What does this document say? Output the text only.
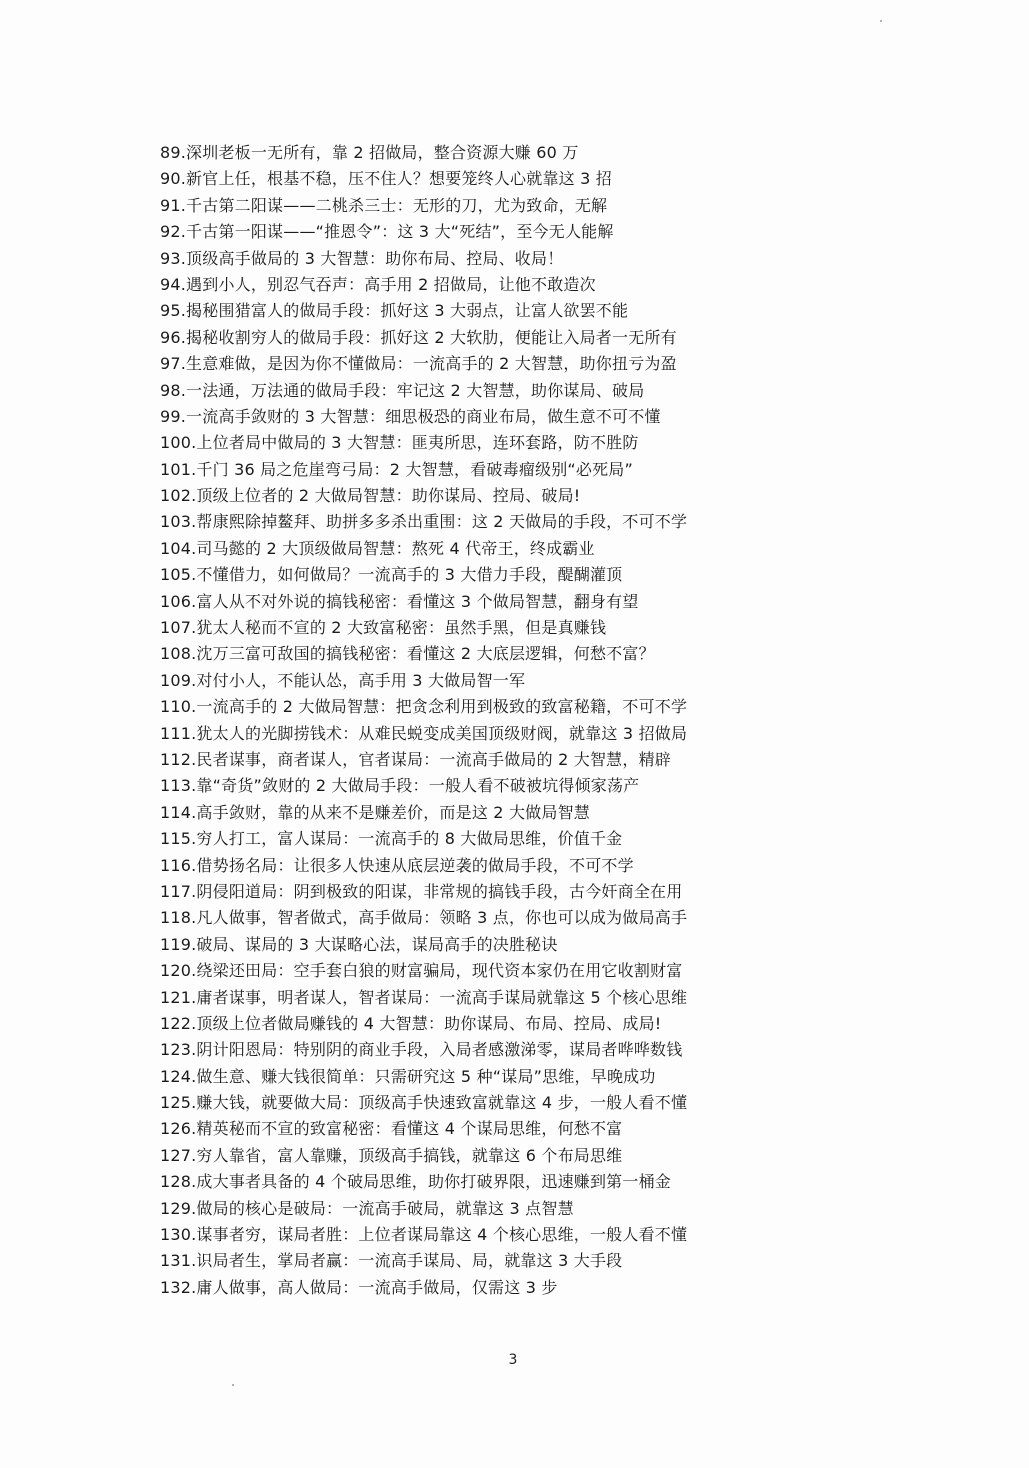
89.深圳老板一无所有，靠 2 招做局，整合资源大赚 60 万
90.新官上任，根基不稳，压不住人？想要笼终人心就靠这 3 招
91.千古第二阳谋——二桃杀三士：无形的刀，尤为致命，无解
92.千古第一阳谋——“推恩令”：这 3 大“死结”，至今无人能解
93.顶级高手做局的 3 大智慧：助你布局、控局、收局！
94.遇到小人，别忍气吞声：高手用 2 招做局，让他不敢造次
95.揭秘围猎富人的做局手段：抓好这 3 大弱点，让富人欲罢不能
96.揭秘收割穷人的做局手段：抓好这 2 大软肋，便能让入局者一无所有
97.生意难做，是因为你不懂做局：一流高手的 2 大智慧，助你扭亏为盈
98.一法通，万法通的做局手段：牢记这 2 大智慧，助你谋局、破局
99.一流高手敛财的 3 大智慧：细思极恐的商业布局，做生意不可不懂
100.上位者局中做局的 3 大智慧：匪夷所思，连环套路，防不胜防
101.千门 36 局之危崖弯弓局：2 大智慧，看破毒瘤级别“必死局”
102.顶级上位者的 2 大做局智慧：助你谋局、控局、破局!
103.帮康熙除掉鳌拜、助拼多多杀出重围：这 2 天做局的手段，不可不学
104.司马懿的 2 大顶级做局智慧：熬死 4 代帝王，终成霸业
105.不懂借力，如何做局？一流高手的 3 大借力手段，醍醐灌顶
106.富人从不对外说的搞钱秘密：看懂这 3 个做局智慧，翻身有望
107.犹太人秘而不宣的 2 大致富秘密：虽然手黑，但是真赚钱
108.沈万三富可敌国的搞钱秘密：看懂这 2 大底层逻辑，何愁不富？
109.对付小人，不能认怂，高手用 3 大做局智一军
110.一流高手的 2 大做局智慧：把贪念利用到极致的致富秘籍，不可不学
111.犹太人的光脚捞钱术：从难民蜕变成美国顶级财阀，就靠这 3 招做局
112.民者谋事，商者谋人，官者谋局：一流高手做局的 2 大智慧，精辟
113.靠“奇货”敛财的 2 大做局手段：一般人看不破被坑得倾家荡产
114.高手敛财，靠的从来不是赚差价，而是这 2 大做局智慧
115.穷人打工，富人谋局：一流高手的 8 大做局思维，价值千金
116.借势扬名局：让很多人快速从底层逆袭的做局手段，不可不学
117.阴侵阳道局：阴到极致的阳谋，非常规的搞钱手段，古今奸商全在用
118.凡人做事，智者做式，高手做局：领略 3 点，你也可以成为做局高手
119.破局、谋局的 3 大谋略心法，谋局高手的决胜秘诀
120.绕梁还田局：空手套白狼的财富骗局，现代资本家仍在用它收割财富
121.庸者谋事，明者谋人，智者谋局：一流高手谋局就靠这 5 个核心思维
122.顶级上位者做局赚钱的 4 大智慧：助你谋局、布局、控局、成局!
123.阴计阳恩局：特别阴的商业手段，入局者感激涕零，谋局者哗哗数钱
124.做生意、赚大钱很简单：只需研究这 5 种“谋局”思维，早晚成功
125.赚大钱，就要做大局：顶级高手快速致富就靠这 4 步，一般人看不懂
126.精英秘而不宣的致富秘密：看懂这 4 个谋局思维，何愁不富
127.穷人靠省，富人靠赚，顶级高手搞钱，就靠这 6 个布局思维
128.成大事者具备的 4 个破局思维，助你打破界限，迅速赚到第一桶金
129.做局的核心是破局：一流高手破局，就靠这 3 点智慧
130.谋事者穷，谋局者胜：上位者谋局靠这 4 个核心思维，一般人看不懂
131.识局者生，掌局者赢：一流高手谋局、局，就靠这 3 大手段
132.庸人做事，高人做局：一流高手做局，仅需这 3 步
3
